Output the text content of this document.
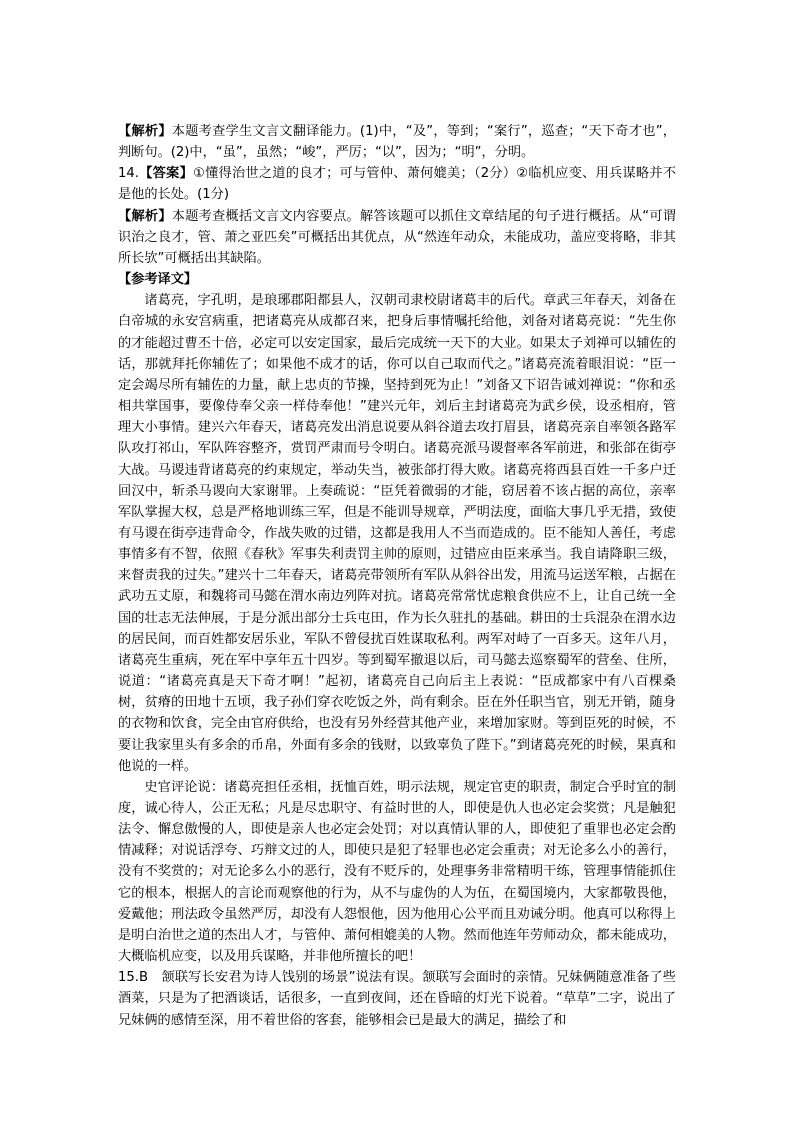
【解析】本题考查学生文言文翻译能力。(1)中，“及”，等到；“案行”，巡查；“天下奇才也”，判断句。(2)中，“虽”，虽然；“峻”，严厉；“以”，因为；“明”，分明。

14.【答案】①懂得治世之道的良才；可与管仲、萧何媲美；（2分）②临机应变、用兵谋略并不是他的长处。(1分)

【解析】本题考查概括文言文内容要点。解答该题可以抓住文章结尾的句子进行概括。从“可谓识治之良才，管、萧之亚匹矣”可概括出其优点，从“然连年动众，未能成功，盖应变将略，非其所长欤”可概括出其缺陷。

【参考译文】

诸葛亮，字孔明，是琅琊郡阳都县人，汉朝司隶校尉诸葛丰的后代。章武三年春天，刘备在白帝城的永安宫病重，把诸葛亮从成都召来，把身后事情嘱托给他，刘备对诸葛亮说：“先生你的才能超过曹丕十倍，必定可以安定国家，最后完成统一天下的大业。如果太子刘禅可以辅佐的话，那就拜托你辅佐了；如果他不成才的话，你可以自己取而代之。”诸葛亮流着眼泪说：“臣一定会竭尽所有辅佐的力量，献上忠贞的节操，坚持到死为止！”刘备又下诏告诫刘禅说：“你和丞相共掌国事，要像侍奉父亲一样侍奉他！”建兴元年，刘后主封诸葛亮为武乡侯，设丞相府，管理大小事情。建兴六年春天，诸葛亮发出消息说要从斜谷道去攻打眉县，诸葛亮亲自率领各路军队攻打祁山，军队阵容整齐，赏罚严肃而号令明白。诸葛亮派马谡督率各军前进，和张郃在街亭大战。马谡违背诸葛亮的约束规定，举动失当，被张郃打得大败。诸葛亮将西县百姓一千多户迁回汉中，斩杀马谡向大家谢罪。上奏疏说：“臣凭着微弱的才能，窃居着不该占据的高位，亲率军队掌握大权，总是严格地训练三军，但是不能训导规章，严明法度，面临大事几乎无措，致使有马谡在街亭违背命令，作战失败的过错，这都是我用人不当而造成的。臣不能知人善任，考虑事情多有不智，依照《春秋》军事失利责罚主帅的原则，过错应由臣来承当。我自请降职三级，来督责我的过失。”建兴十二年春天，诸葛亮带领所有军队从斜谷出发，用流马运送军粮，占据在武功五丈原，和魏将司马懿在渭水南边列阵对抗。诸葛亮常常忧虑粮食供应不上，让自己统一全国的壮志无法伸展，于是分派出部分士兵屯田，作为长久驻扎的基础。耕田的士兵混杂在渭水边的居民间，而百姓都安居乐业，军队不曾侵扰百姓谋取私利。两军对峙了一百多天。这年八月，诸葛亮生重病，死在军中享年五十四岁。等到蜀军撤退以后，司马懿去巡察蜀军的营垒、住所，说道：“诸葛亮真是天下奇才啊！”起初，诸葛亮自己向后主上表说：“臣成都家中有八百棵桑树，贫瘠的田地十五顷，我子孙们穿衣吃饭之外，尚有剩余。臣在外任职当官，别无开销，随身的衣物和饮食，完全由官府供给，也没有另外经营其他产业，来增加家财。等到臣死的时候，不要让我家里头有多余的币帛，外面有多余的钱财，以致辜负了陛下。”到诸葛亮死的时候，果真和他说的一样。

史官评论说：诸葛亮担任丞相，抚恤百姓，明示法规，规定官吏的职责，制定合乎时宜的制度，诚心待人，公正无私；凡是尽忠职守、有益时世的人，即使是仇人也必定会奖赏；凡是触犯法令、懈怠傲慢的人，即使是亲人也必定会处罚；对以真情认罪的人，即使犯了重罪也必定会酌情减释；对说话浮夸、巧辩文过的人，即使只是犯了轻罪也必定会重责；对无论多么小的善行，没有不奖赏的；对无论多么小的恶行，没有不贬斥的，处理事务非常精明干练，管理事情能抓住它的根本，根据人的言论而观察他的行为，从不与虚伪的人为伍，在蜀国境内，大家都敬畏他，爱戴他；刑法政令虽然严厉，却没有人怨恨他，因为他用心公平而且劝诫分明。他真可以称得上是明白治世之道的杰出人才，与管仲、萧何相媲美的人物。然而他连年劳师动众，都未能成功，大概临机应变，以及用兵谋略，并非他所擅长的吧！

15.B　 颔联写长安君为诗人饯别的场景”说法有误。颔联写会面时的亲情。兄妹俩随意准备了些酒菜，只是为了把酒谈话，话很多，一直到夜间，还在昏暗的灯光下说着。“草草”二字，说出了兄妹俩的感情至深，用不着世俗的客套，能够相会已是最大的满足，描绘了和
